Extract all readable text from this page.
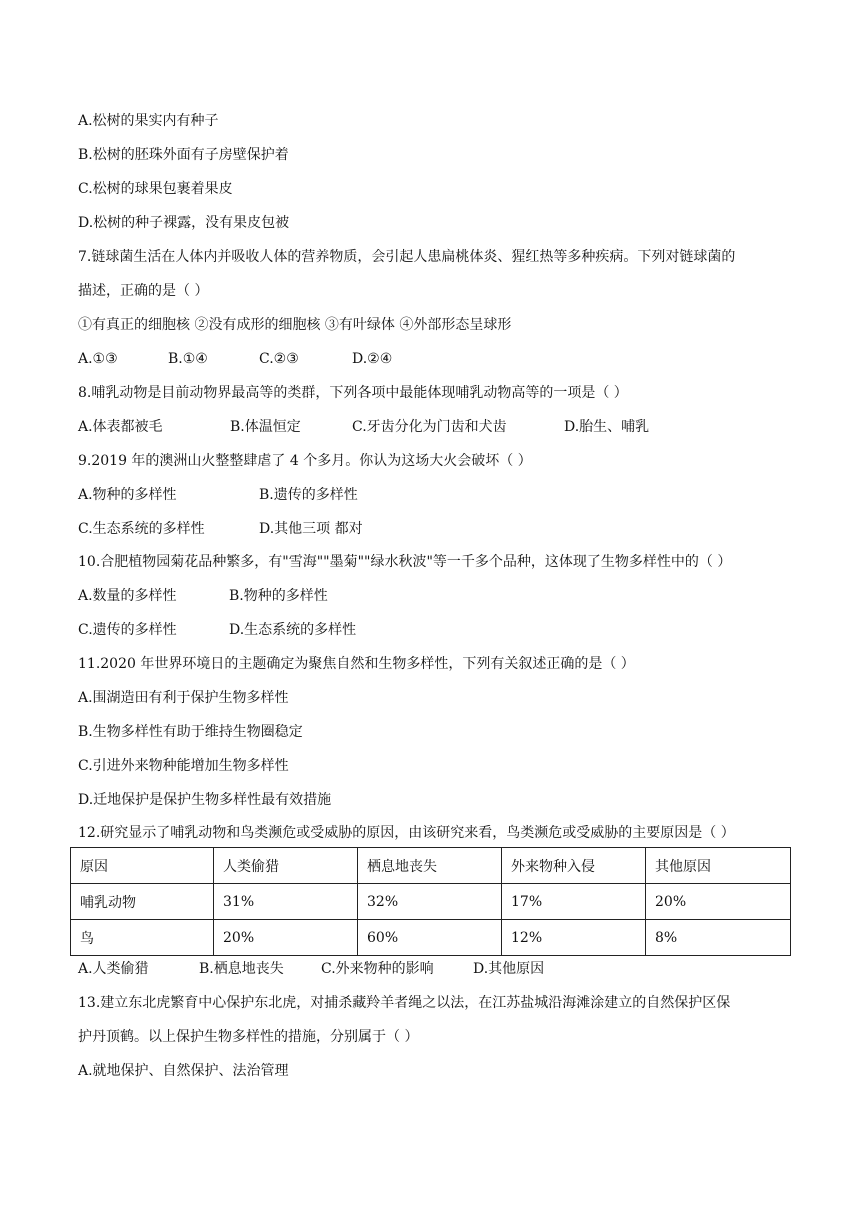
A.松树的果实内有种子
B.松树的胚珠外面有子房壁保护着
C.松树的球果包裹着果皮
D.松树的种子裸露，没有果皮包被
7.链球菌生活在人体内并吸收人体的营养物质，会引起人患扁桃体炎、猩红热等多种疾病。下列对链球菌的
描述，正确的是（ ）
①有真正的细胞核 ②没有成形的细胞核 ③有叶绿体 ④外部形态呈球形
A.①③	B.①④	C.②③	D.②④
8.哺乳动物是目前动物界最高等的类群，下列各项中最能体现哺乳动物高等的一项是（ ）
A.体表都被毛	B.体温恒定	C.牙齿分化为门齿和犬齿	D.胎生、哺乳
9.2019 年的澳洲山火整整肆虐了 4 个多月。你认为这场大火会破坏（ ）
A.物种的多样性	B.遗传的多样性
C.生态系统的多样性	D.其他三项 都对
10.合肥植物园菊花品种繁多，有"雪海""墨菊""绿水秋波"等一千多个品种，这体现了生物多样性中的（ ）
A.数量的多样性	B.物种的多样性
C.遗传的多样性	D.生态系统的多样性
11.2020 年世界环境日的主题确定为聚焦自然和生物多样性，下列有关叙述正确的是（ ）
A.围湖造田有利于保护生物多样性
B.生物多样性有助于维持生物圈稳定
C.引进外来物种能增加生物多样性
D.迁地保护是保护生物多样性最有效措施
12.研究显示了哺乳动物和鸟类濒危或受威胁的原因，由该研究来看，鸟类濒危或受威胁的主要原因是（ ）
原因	人类偷猎	栖息地丧失	外来物种入侵	其他原因
哺乳动物	31%	32%	17%	20%
鸟	20%	60%	12%	8%
A.人类偷猎	B.栖息地丧失	C.外来物种的影响	D.其他原因
13.建立东北虎繁育中心保护东北虎，对捕杀藏羚羊者绳之以法，在江苏盐城沿海滩涂建立的自然保护区保
护丹顶鹤。以上保护生物多样性的措施，分别属于（ ）
A.就地保护、自然保护、法治管理
